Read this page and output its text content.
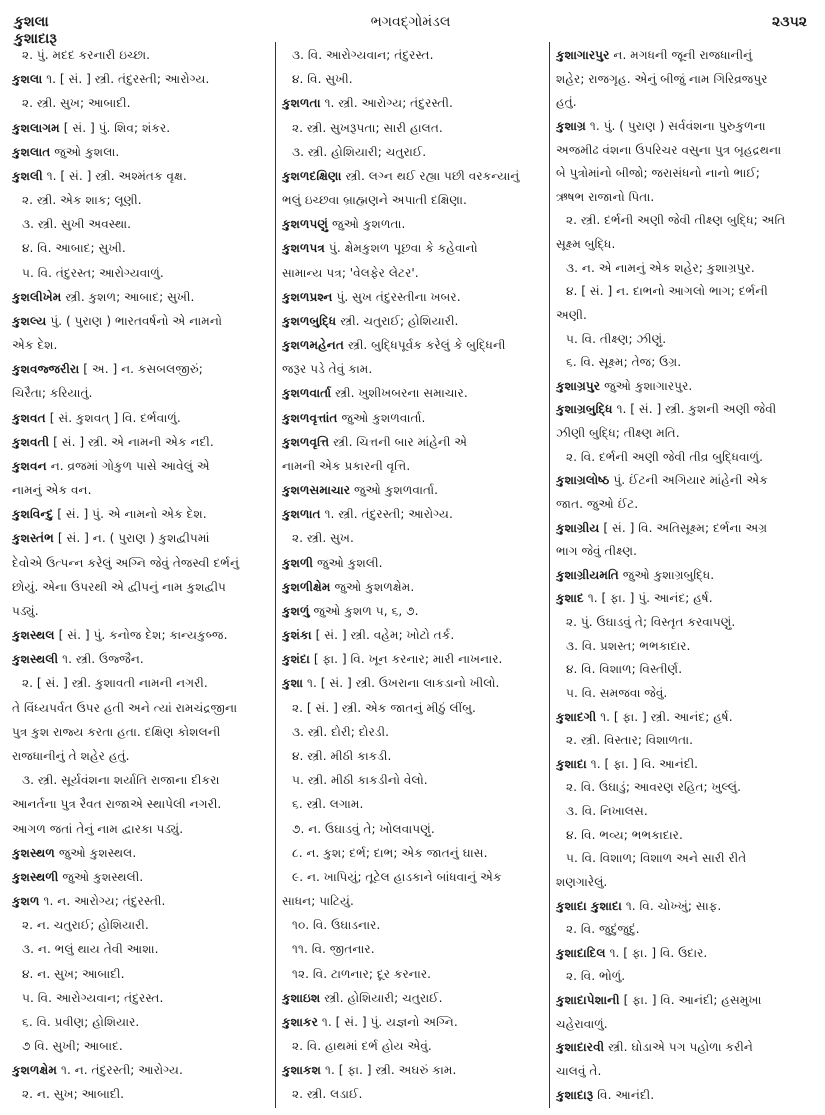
કુશલા
કુશાદારૂ
ભગવદ્ગોમંડલ	૨૩૫૨
૨. પું. મદદ કરનારી ઇચ્છા.
કુશલા ૧. [ સં. ] સ્ત્રી. તંદુરસ્તી; આરોગ્ય.
૨. સ્ત્રી. સુખ; આબાદી.
કુશલાગમ [ સં. ] પું. શિવ; શંકર.
કુશલાત જુઓ કુશલા.
કુશલી ૧. [ સં. ] સ્ત્રી. અશ્મંતક વૃક્ષ.
૨. સ્ત્રી. એક શાક; લૂણી.
૩. સ્ત્રી. સુખી અવસ્થા.
૪. વિ. આબાદ; સુખી.
૫. વિ. તંદુરસ્ત; આરોગ્યવાળું.
કુશલીખેમ સ્ત્રી. કુશળ; આબાદ; સુખી.
કુશલ્ય પું. ( પુરાણ ) ભારતવર્ષનો એ નામનો
એક દેશ.
કુશવજ્જરીરા [ અ. ] ન. કસબલજીરું;
ચિરૈતા; કરિયાતું.
કુશવત [ સં. કુશવત્ ] વિ. દર્ભવાળું.
કુશવતી [ સં. ] સ્ત્રી. એ નામની એક નદી.
કુશવન ન. વ્રજમાં ગોકુળ પાસે આવેલું એ
નામનું એક વન.
કુશવિન્દુ [ સં. ] પું. એ નામનો એક દેશ.
કુશસ્તંભ [ સં. ] ન. ( પુરાણ ) કુશદ્વીપમાં
દેવોએ ઉત્પન્ન કરેલું અગ્નિ જેવું તેજસ્વી દર્ભનું
છોયું. એના ઉપરથી એ દ્વીપનું નામ કુશદ્વીપ
પડ્યું.
કુશસ્થલ [ સં. ] પું. કનોજ દેશ; કાન્યકુબ્જ.
કુશસ્થલી ૧. સ્ત્રી. ઉજ્જૈન.
૨. [ સં. ] સ્ત્રી. કુશાવતી નામની નગરી.
તે વિંધ્યપર્વત ઉપર હતી અને ત્યાં રામચંદ્રજીના
પુત્ર કુશ રાજ્ય કરતા હતા. દક્ષિણ કોશલની
રાજધાનીનું તે શહેર હતું.
૩. સ્ત્રી. સૂર્યવંશના શર્યાતિ રાજાના દીકરા
આનર્તના પુત્ર રૈવત રાજાએ સ્થાપેલી નગરી.
આગળ જતાં તેનું નામ દ્વારકા પડ્યું.
કુશસ્થળ જુઓ કુશસ્થલ.
કુશસ્થળી જુઓ કુશસ્થલી.
કુશળ ૧. ન. આરોગ્ય; તંદુરસ્તી.
૨. ન. ચતુરાઈ; હોશિયારી.
૩. ન. ભલું થાય તેવી આશા.
૪. ન. સુખ; આબાદી.
૫. વિ. આરોગ્યવાન; તંદુરસ્ત.
૬. વિ. પ્રવીણ; હોશિયાર.
૭ વિ. સુખી; આબાદ.
કુશળક્ષેમ ૧. ન. તંદુરસ્તી; આરોગ્ય.
૨. ન. સુખ; આબાદી.
૩. વિ. આરોગ્યવાન; તંદુરસ્ત.
૪. વિ. સુખી.
કુશળતા ૧. સ્ત્રી. આરોગ્ય; તંદુરસ્તી.
૨. સ્ત્રી. સુખરૂપતા; સારી હાલત.
૩. સ્ત્રી. હોશિયારી; ચતુરાઈ.
કુશળદક્ષિણા સ્ત્રી. લગ્ન થઈ રહ્યા પછી વરકન્યાનું
ભલું ઇચ્છવા બ્રાહ્મણને અપાતી દક્ષિણા.
કુશળપણું જુઓ કુશળતા.
કુશળપત્ર પું. ક્ષેમકુશળ પૂછવા કે કહેવાનો
સામાન્ય પત્ર; 'વેલફેર લેટર'.
કુશળપ્રશ્ન પું. સુખ તંદુરસ્તીના ખબર.
કુશળબુદ્ધિ સ્ત્રી. ચતુરાઈ; હોશિયારી.
કુશળમહેનત સ્ત્રી. બુદ્ધિપૂર્વક કરેલું કે બુદ્ધિની
જરૂર પડે તેવું કામ.
કુશળવાર્તા સ્ત્રી. ખુશીખબરના સમાચાર.
કુશળવૃત્તાંત જુઓ કુશળવાર્તા.
કુશળવૃત્તિ સ્ત્રી. ચિત્તની બાર માંહેની એ
નામની એક પ્રકારની વૃત્તિ.
કુશળસમાચાર જુઓ કુશળવાર્તા.
કુશળાત ૧. સ્ત્રી. તંદુરસ્તી; આરોગ્ય.
૨. સ્ત્રી. સુખ.
કુશળી જુઓ કુશલી.
કુશળીક્ષેમ જુઓ કુશળક્ષેમ.
કુશળું જુઓ કુશળ ૫, ૬, ૭.
કુશંકા [ સં. ] સ્ત્રી. વહેમ; ખોટો તર્ક.
કુશંદા [ ફા. ] વિ. ખૂન કરનાર; મારી નાખનાર.
કુશા ૧. [ સં. ] સ્ત્રી. ઉખરાના લાકડાનો ખીલો.
૨. [ સં. ] સ્ત્રી. એક જાતનું મીઠું લીંબુ.
૩. સ્ત્રી. દોરી; દોરડી.
૪. સ્ત્રી. મીઠી કાકડી.
૫. સ્ત્રી. મીઠી કાકડીનો વેલો.
૬. સ્ત્રી. લગામ.
૭. ન. ઉઘાડવું તે; ખોલવાપણું.
૮. ન. કુશ; દર્ભ; દાભ; એક જાતનું ઘાસ.
૯. ન. ખાપિયું; તૂટેલ હાડકાને બાંધવાનું એક
સાધન; પાટિયું.
૧૦. વિ. ઉઘાડનાર.
૧૧. વિ. જીતનાર.
૧૨. વિ. ટાળનાર; દૂર કરનાર.
કુશાઇશ સ્ત્રી. હોશિયારી; ચતુરાઈ.
કુશાકર ૧. [ સં. ] પું. યજ્ઞનો અગ્નિ.
૨. વિ. હાથમાં દર્ભ હોય એવું.
કુશાકશ ૧. [ ફા. ] સ્ત્રી. અઘરું કામ.
૨. સ્ત્રી. લડાઈ.
કુશાગારપુર ન. મગધની જૂની રાજધાનીનું
શહેર; રાજગૃહ. એનું બીજું નામ ગિરિવ્રજપુર
હતું.
કુશાગ્ર ૧. પું. ( પુરાણ ) સર્વવંશના પુરુકુળના
અજમીઢ વંશના ઉપરિચર વસુના પુત્ર બૃહદ્રથના
બે પુત્રોમાંનો બીજો; જરાસંધનો નાનો ભાઈ;
ઋષભ રાજાનો પિતા.
૨. સ્ત્રી. દર્ભની અણી જેવી તીક્ષ્ણ બુદ્ધિ; અતિ
સૂક્ષ્મ બુદ્ધિ.
૩. ન. એ નામનું એક શહેર; કુશાગ્રપુર.
૪. [ સં. ] ન. દાભનો આગલો ભાગ; દર્ભની
અણી.
૫. વિ. તીક્ષ્ણ; ઝીણું.
૬. વિ. સૂક્ષ્મ; તેજ; ઉગ્ર.
કુશાગ્રપુર જુઓ કુશાગારપુર.
કુશાગ્રબુદ્ધિ ૧. [ સં. ] સ્ત્રી. કુશની અણી જેવી
ઝીણી બુદ્ધિ; તીક્ષ્ણ મતિ.
૨. વિ. દર્ભની અણી જેવી તીવ્ર બુદ્ધિવાળું.
કુશાગ્રલોષ્ઠ પું. ઈંટની અગિયાર માંહેની એક
જાત. જુઓ ઈંટ.
કુશાગ્રીય [ સં. ] વિ. અતિસૂક્ષ્મ; દર્ભના અગ્ર
ભાગ જેવું તીક્ષ્ણ.
કુશાગ્રીયમતિ જુઓ કુશાગ્રબુદ્ધિ.
કુશાદ ૧. [ ફા. ] પું. આનંદ; હર્ષ.
૨. પું. ઉઘાડવું તે; વિસ્તૃત કરવાપણું.
૩. વિ. પ્રશસ્ત; ભભકાદાર.
૪. વિ. વિશાળ; વિસ્તીર્ણ.
૫. વિ. સમજવા જેવું.
કુશાદગી ૧. [ ફા. ] સ્ત્રી. આનંદ; હર્ષ.
૨. સ્ત્રી. વિસ્તાર; વિશાળતા.
કુશાદા ૧. [ ફા. ] વિ. આનંદી.
૨. વિ. ઉઘાડું; આવરણ રહિત; ખુલ્લું.
૩. વિ. નિખાલસ.
૪. વિ. ભવ્ય; ભભકાદાર.
૫. વિ. વિશાળ; વિશાળ અને સારી રીતે
શણગારેલું.
કુશાદા કુશાદા ૧. વિ. ચોખ્ખું; સાફ.
૨. વિ. જુદુંજુદું.
કુશાદાદિલ ૧. [ ફા. ] વિ. ઉદાર.
૨. વિ. ભોળું.
કુશાદાપેશાની [ ફા. ] વિ. આનંદી; હસમુખા
ચહેરાવાળું.
કુશાદારવી સ્ત્રી. ઘોડાએ પગ પહોળા કરીને
ચાલવું તે.
કુશાદારૂ વિ. આનંદી.
